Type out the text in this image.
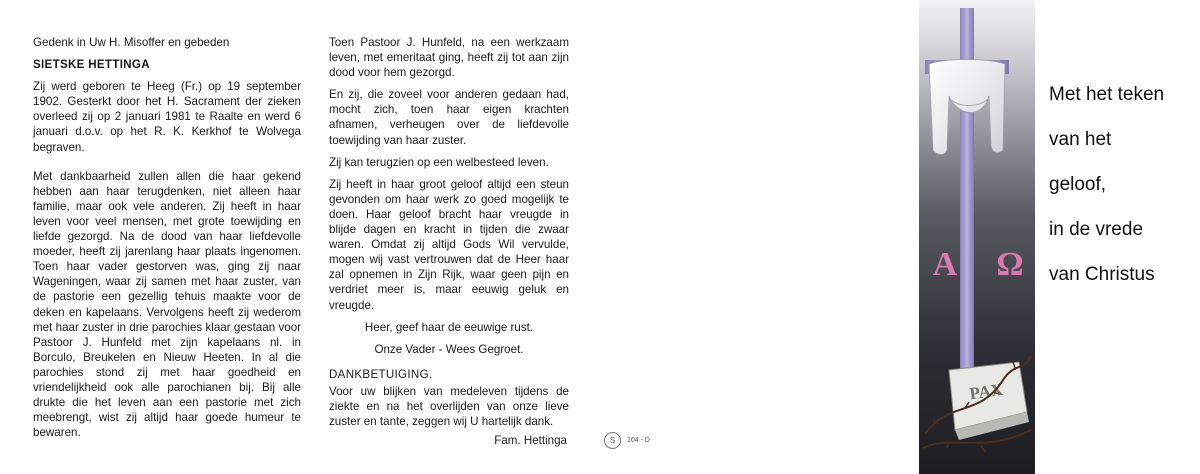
Gedenk in Uw H. Misoffer en gebeden

SIETSKE HETTINGA

Zij werd geboren te Heeg (Fr.) op 19 september 1902. Gesterkt door het H. Sacrament der zieken overleed zij op 2 januari 1981 te Raalte en werd 6 januari d.o.v. op het R. K. Kerkhof te Wolvega begraven.

Met dankbaarheid zullen allen die haar gekend hebben aan haar terugdenken, niet alleen haar familie, maar ook vele anderen. Zij heeft in haar leven voor veel mensen, met grote toewijding en liefde gezorgd. Na de dood van haar liefdevolle moeder, heeft zij jarenlang haar plaats ingenomen. Toen haar vader gestorven was, ging zij naar Wageningen, waar zij samen met haar zuster, van de pastorie een gezellig tehuis maakte voor de deken en kapelaans. Vervolgens heeft zij wederom met haar zuster in drie parochies klaar gestaan voor Pastoor J. Hunfeld met zijn kapelaans nl. in Borculo, Breukelen en Nieuw Heeten. In al die parochies stond zij met haar goedheid en vriendelijkheid ook alle parochianen bij. Bij alle drukte die het leven aan een pastorie met zich meebrengt, wist zij altijd haar goede humeur te bewaren.

Toen Pastoor J. Hunfeld, na een werkzaam leven, met emeritaat ging, heeft zij tot aan zijn dood voor hem gezorgd.

En zij, die zoveel voor anderen gedaan had, mocht zich, toen haar eigen krachten afnamen, verheugen over de liefdevolle toewijding van haar zuster.

Zij kan terugzien op een welbesteed leven.

Zij heeft in haar groot geloof altijd een steun gevonden om haar werk zo goed mogelijk te doen. Haar geloof bracht haar vreugde in blijde dagen en kracht in tijden die zwaar waren. Omdat zij altijd Gods Wil vervulde, mogen wij vast vertrouwen dat de Heer haar zal opnemen in Zijn Rijk, waar geen pijn en verdriet meer is, maar eeuwig geluk en vreugde.

Heer, geef haar de eeuwige rust.

Onze Vader - Wees Gegroet.

DANKBETUIGING.
Voor uw blijken van medeleven tijdens de ziekte en na het overlijden van onze lieve zuster en tante, zeggen wij U hartelijk dank.
Fam. Hettinga	S	104 - D
A Ω
PAX
Met het teken
van het
geloof,
in de vrede
van Christus
